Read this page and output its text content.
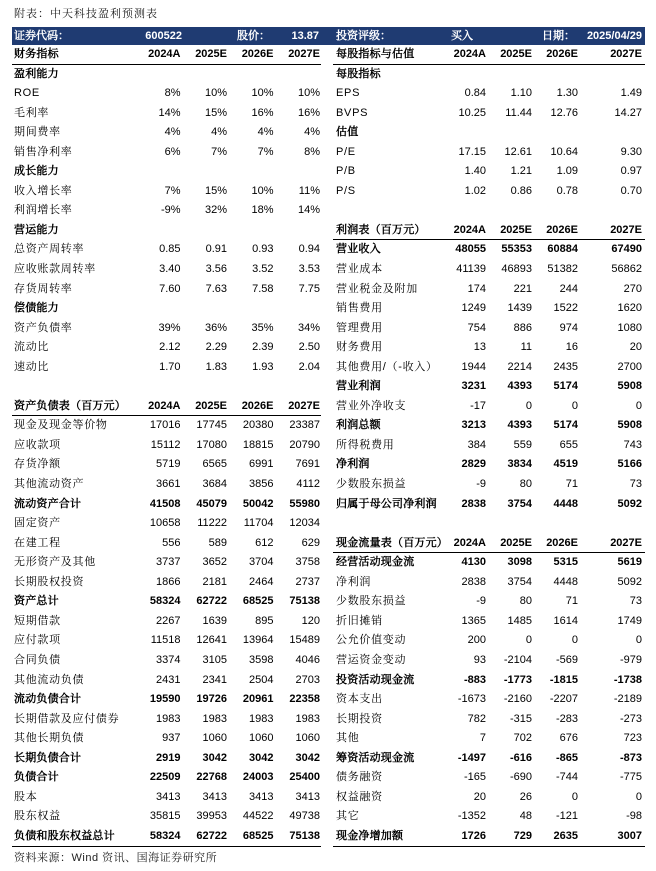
附表：中天科技盈利预测表
证券代码：	600522	股价： 13.87 投资评级：	买入	日期： 2025/04/29
财务指标	2024A	2025E	2026E	2027E
盈利能力
ROE	8%	10%	10%	10%
毛利率	14%	15%	16%	16%
期间费率	4%	4%	4%	4%
销售净利率	6%	7%	7%	8%
成长能力
收入增长率	7%	15%	10%	11%
利润增长率	-9%	32%	18%	14%
营运能力
总资产周转率	0.85	0.91	0.93	0.94
应收账款周转率	3.40	3.56	3.52	3.53
存货周转率	7.60	7.63	7.58	7.75
偿债能力
资产负债率	39%	36%	35%	34%
流动比	2.12	2.29	2.39	2.50
速动比	1.70	1.83	1.93	2.04
资产负债表（百万元）	2024A	2025E	2026E	2027E
现金及现金等价物	17016	17745	20380	23387
应收款项	15112	17080	18815	20790
存货净额	5719	6565	6991	7691
其他流动资产	3661	3684	3856	4112
流动资产合计	41508	45079	50042	55980
固定资产	10658	11222	11704	12034
在建工程	556	589	612	629
无形资产及其他	3737	3652	3704	3758
长期股权投资	1866	2181	2464	2737
资产总计	58324	62722	68525	75138
短期借款	2267	1639	895	120
应付款项	11518	12641	13964	15489
合同负债	3374	3105	3598	4046
其他流动负债	2431	2341	2504	2703
流动负债合计	19590	19726	20961	22358
长期借款及应付债券	1983	1983	1983	1983
其他长期负债	937	1060	1060	1060
长期负债合计	2919	3042	3042	3042
负债合计	22509	22768	24003	25400
股本	3413	3413	3413	3413
股东权益	35815	39953	44522	49738
负债和股东权益总计	58324	62722	68525	75138
每股指标与估值	2024A	2025E	2026E	2027E
每股指标
EPS	0.84	1.10	1.30	1.49
BVPS	10.25	11.44	12.76	14.27
估值
P/E	17.15	12.61	10.64	9.30
P/B	1.40	1.21	1.09	0.97
P/S	1.02	0.86	0.78	0.70
利润表（百万元）	2024A	2025E	2026E	2027E
营业收入	48055	55353	60884	67490
营业成本	41139	46893	51382	56862
营业税金及附加	174	221	244	270
销售费用	1249	1439	1522	1620
管理费用	754	886	974	1080
财务费用	13	11	16	20
其他费用/（-收入）	1944	2214	2435	2700
营业利润	3231	4393	5174	5908
营业外净收支	-17	0	0	0
利润总额	3213	4393	5174	5908
所得税费用	384	559	655	743
净利润	2829	3834	4519	5166
少数股东损益	-9	80	71	73
归属于母公司净利润	2838	3754	4448	5092
现金流量表（百万元） 2024A	2025E	2026E	2027E
经营活动现金流	4130	3098	5315	5619
净利润	2838	3754	4448	5092
少数股东损益	-9	80	71	73
折旧摊销	1365	1485	1614	1749
公允价值变动	200	0	0	0
营运资金变动	93	-2104	-569	-979
投资活动现金流	-883	-1773	-1815	-1738
资本支出	-1673	-2160	-2207	-2189
长期投资	782	-315	-283	-273
其他	7	702	676	723
筹资活动现金流	-1497	-616	-865	-873
债务融资	-165	-690	-744	-775
权益融资	20	26	0	0
其它	-1352	48	-121	-98
现金净增加额	1726	729	2635	3007
资料来源：Wind 资讯、国海证券研究所
